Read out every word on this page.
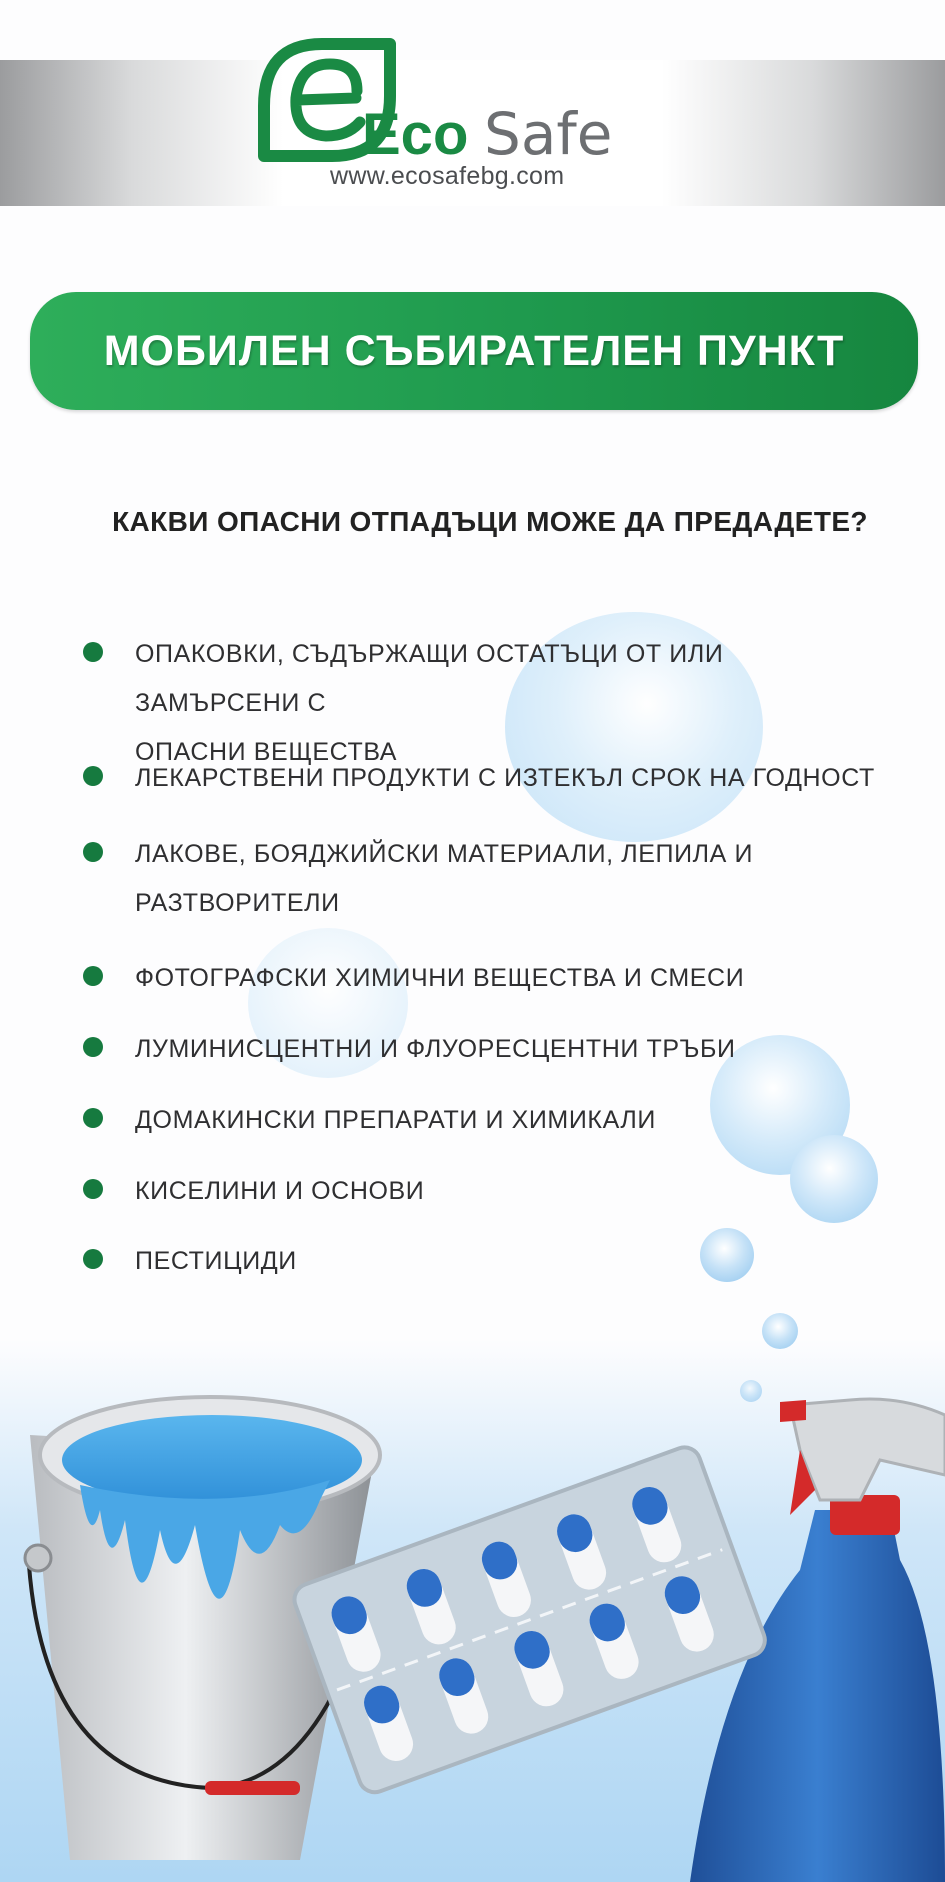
Eco Safe
www.ecosafebg.com
МОБИЛЕН СЪБИРАТЕЛЕН ПУНКТ
КАКВИ ОПАСНИ ОТПАДЪЦИ МОЖЕ ДА ПРЕДАДЕТЕ?
ОПАКОВКИ, СЪДЪРЖАЩИ ОСТАТЪЦИ ОТ ИЛИ ЗАМЪРСЕНИ С
ОПАСНИ ВЕЩЕСТВА
ЛЕКАРСТВЕНИ ПРОДУКТИ С ИЗТЕКЪЛ СРОК НА ГОДНОСТ
ЛАКОВЕ, БОЯДЖИЙСКИ МАТЕРИАЛИ, ЛЕПИЛА И
РАЗТВОРИТЕЛИ
ФОТОГРАФСКИ ХИМИЧНИ ВЕЩЕСТВА И СМЕСИ
ЛУМИНИСЦЕНТНИ И ФЛУОРЕСЦЕНТНИ ТРЪБИ
ДОМАКИНСКИ ПРЕПАРАТИ И ХИМИКАЛИ
КИСЕЛИНИ И ОСНОВИ
ПЕСТИЦИДИ
